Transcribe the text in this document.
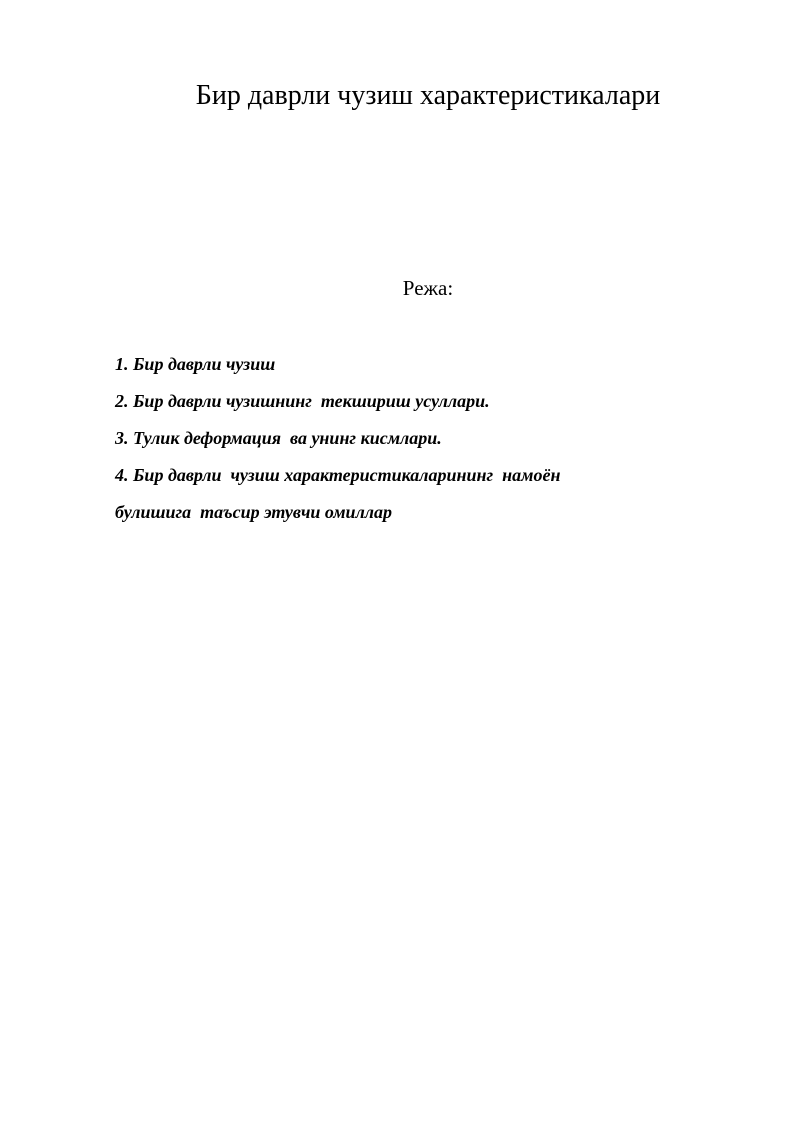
Бир даврли чузиш характеристикалари
Режа:
1. Бир даврли чузиш
2. Бир даврли чузишнинг  текшириш усуллари.
3. Тулик деформация  ва унинг кисмлари.
4. Бир даврли  чузиш характеристикаларининг  намоён
булишига  таъсир этувчи омиллар
